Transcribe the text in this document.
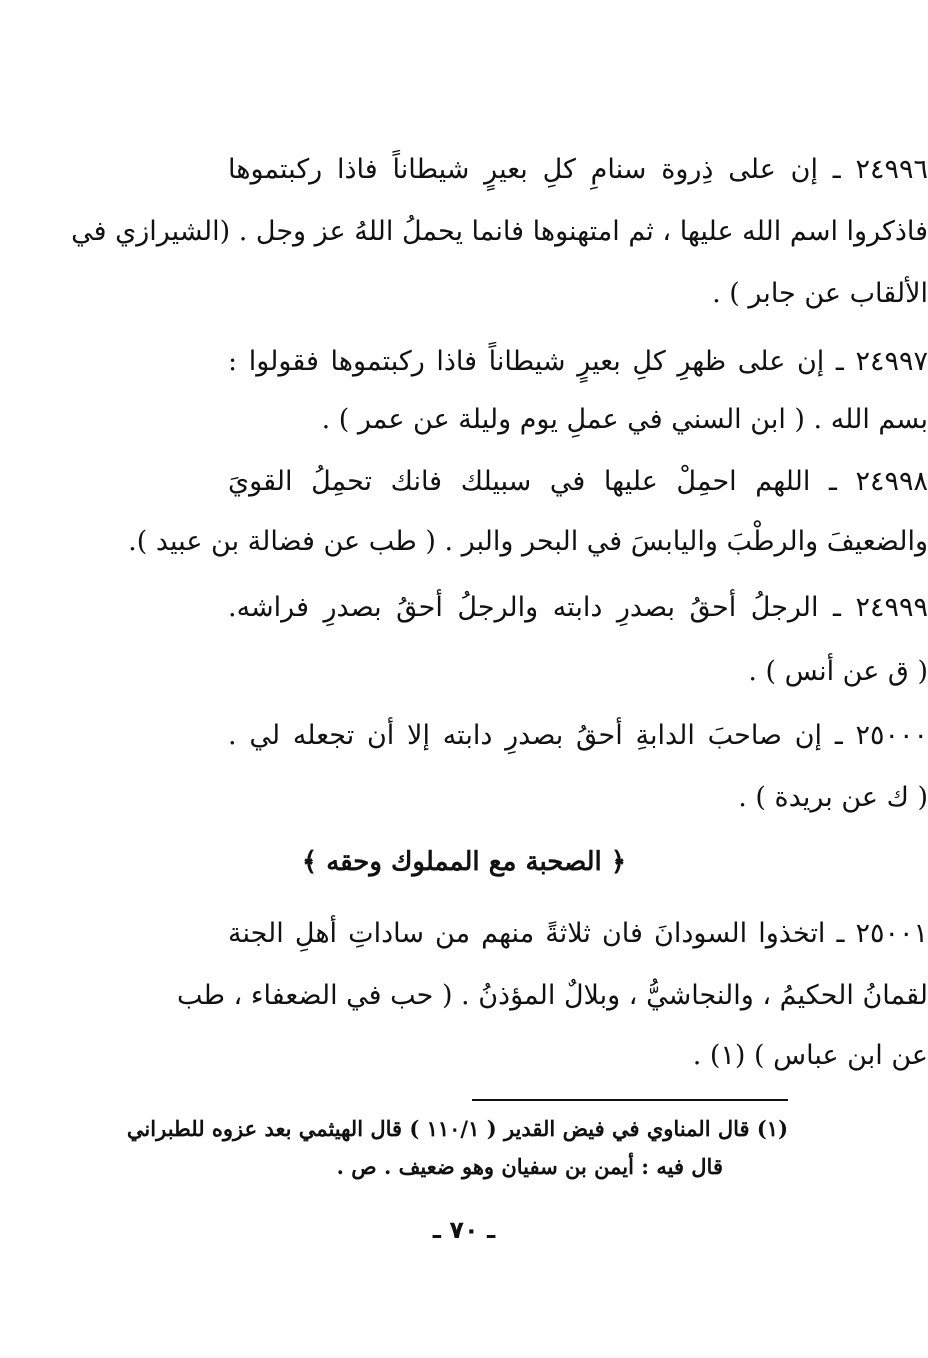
٢٤٩٩٦ ـ إن على ذِروة سنامِ كلِ بعيرٍ شيطاناً فاذا ركبتموها
فاذكروا اسم الله عليها ، ثم امتهنوها فانما يحملُ اللهُ عز وجل . (الشيرازي في
الألقاب عن جابر ) .
٢٤٩٩٧ ـ إن على ظهرِ كلِ بعيرٍ شيطاناً فاذا ركبتموها فقولوا :
بسم الله . ( ابن السني في عملِ يوم وليلة عن عمر ) .
٢٤٩٩٨ ـ اللهم احمِلْ عليها في سبيلك فانك تحمِلُ القويَ
والضعيفَ والرطْبَ واليابسَ في البحر والبر . ( طب عن فضالة بن عبيد ).
٢٤٩٩٩ ـ الرجلُ أحقُ بصدرِ دابته والرجلُ أحقُ بصدرِ فراشه.
( ق عن أنس ) .
٢٥٠٠٠ ـ إن صاحبَ الدابةِ أحقُ بصدرِ دابته إلا أن تجعله لي .
( ك عن بريدة ) .
﴿ الصحبة مع المملوك وحقه ﴾
٢٥٠٠١ ـ اتخذوا السودانَ فان ثلاثةً منهم من ساداتِ أهلِ الجنة
لقمانُ الحكيمُ ، والنجاشيُّ ، وبلالٌ المؤذنُ . ( حب في الضعفاء ، طب
عن ابن عباس ) (١) .
(١) قال المناوي في فيض القدير ( ١١٠/١ ) قال الهيثمي بعد عزوه للطبراني
قال فيه : أيمن بن سفيان وهو ضعيف . ص .
ـ ٧٠ ـ
